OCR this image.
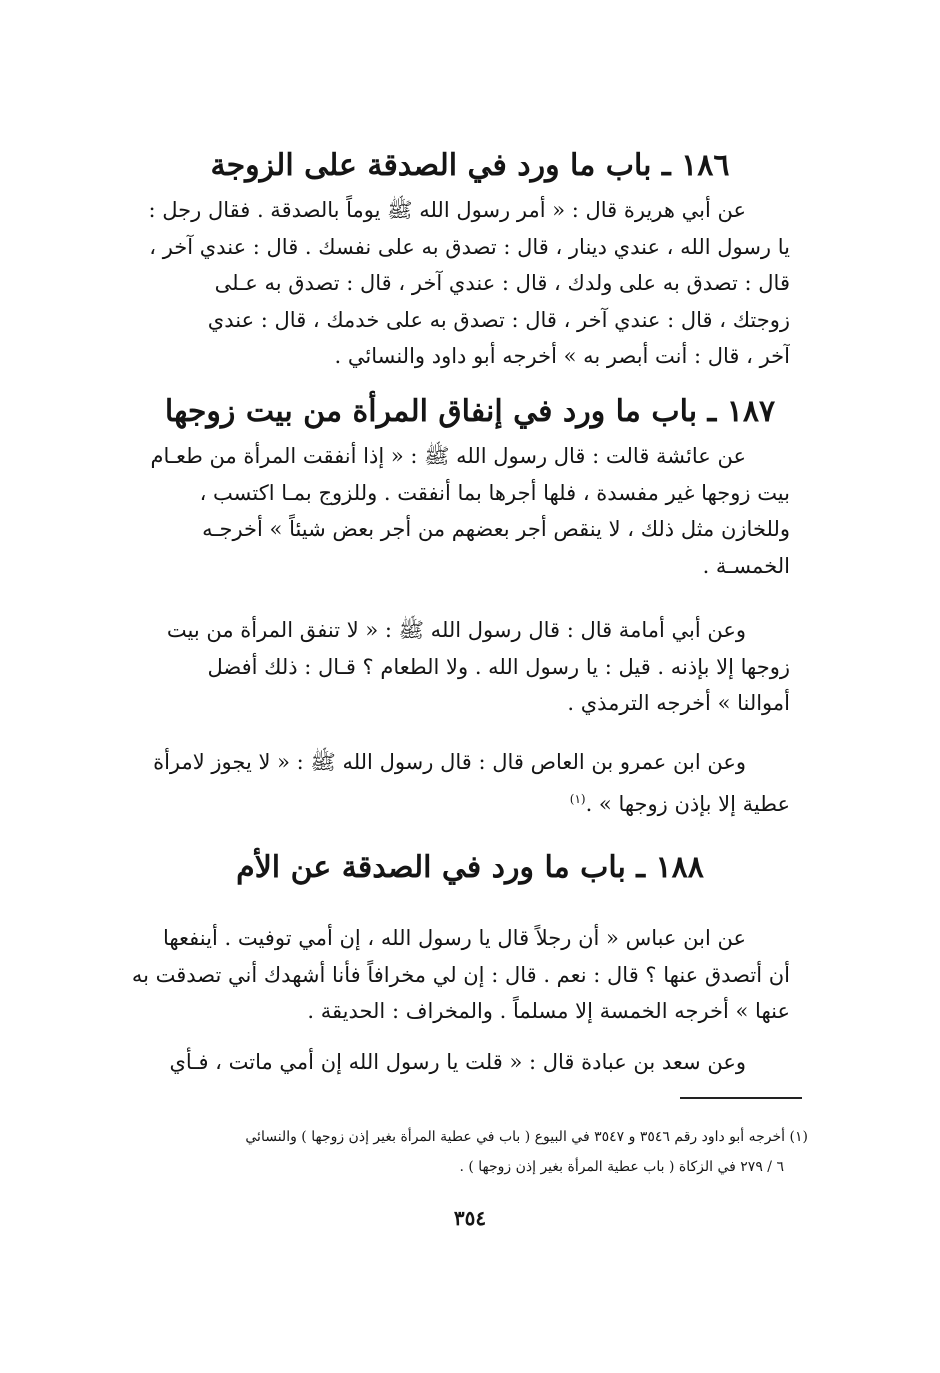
١٨٦ ـ باب ما ورد في الصدقة على الزوجة
عن أبي هريرة قال : « أمر رسول الله ﷺ يوماً بالصدقة . فقال رجل :
يا رسول الله ، عندي دينار ، قال : تصدق به على نفسك . قال : عندي آخر ،
قال : تصدق به على ولدك ، قال : عندي آخر ، قال : تصدق به عـلى
زوجتك ، قال : عندي آخر ، قال : تصدق به على خدمك ، قال : عندي
آخر ، قال : أنت أبصر به » أخرجه أبو داود والنسائي .
١٨٧ ـ باب ما ورد في إنفاق المرأة من بيت زوجها
عن عائشة قالت : قال رسول الله ﷺ : « إذا أنفقت المرأة من طعـام
بيت زوجها غير مفسدة ، فلها أجرها بما أنفقت . وللزوج بمـا اكتسب ،
وللخازن مثل ذلك ، لا ينقص أجر بعضهم من أجر بعض شيئاً » أخرجـه
الخمسـة .
وعن أبي أمامة قال : قال رسول الله ﷺ : « لا تنفق المرأة من بيت
زوجها إلا بإذنه . قيل : يا رسول الله . ولا الطعام ؟ قـال : ذلك أفضل
أموالنا » أخرجه الترمذي .
وعن ابن عمرو بن العاص قال : قال رسول الله ﷺ : « لا يجوز لامرأة
عطية إلا بإذن زوجها » .$^{(١)}$
١٨٨ ـ باب ما ورد في الصدقة عن الأم
عن ابن عباس « أن رجلاً قال يا رسول الله ، إن أمي توفيت . أينفعها
أن أتصدق عنها ؟ قال : نعم . قال : إن لي مخرافاً فأنا أشهدك أني تصدقت به
عنها » أخرجه الخمسة إلا مسلماً . والمخراف : الحديقة .
وعن سعد بن عبادة قال : « قلت يا رسول الله إن أمي ماتت ، فـأي
(١) أخرجه أبو داود رقم ٣٥٤٦ و ٣٥٤٧ في البيوع ( باب في عطية المرأة بغير إذن زوجها ) والنسائي
٦ / ٢٧٩ في الزكاة ( باب عطية المرأة بغير إذن زوجها ) .
٣٥٤
